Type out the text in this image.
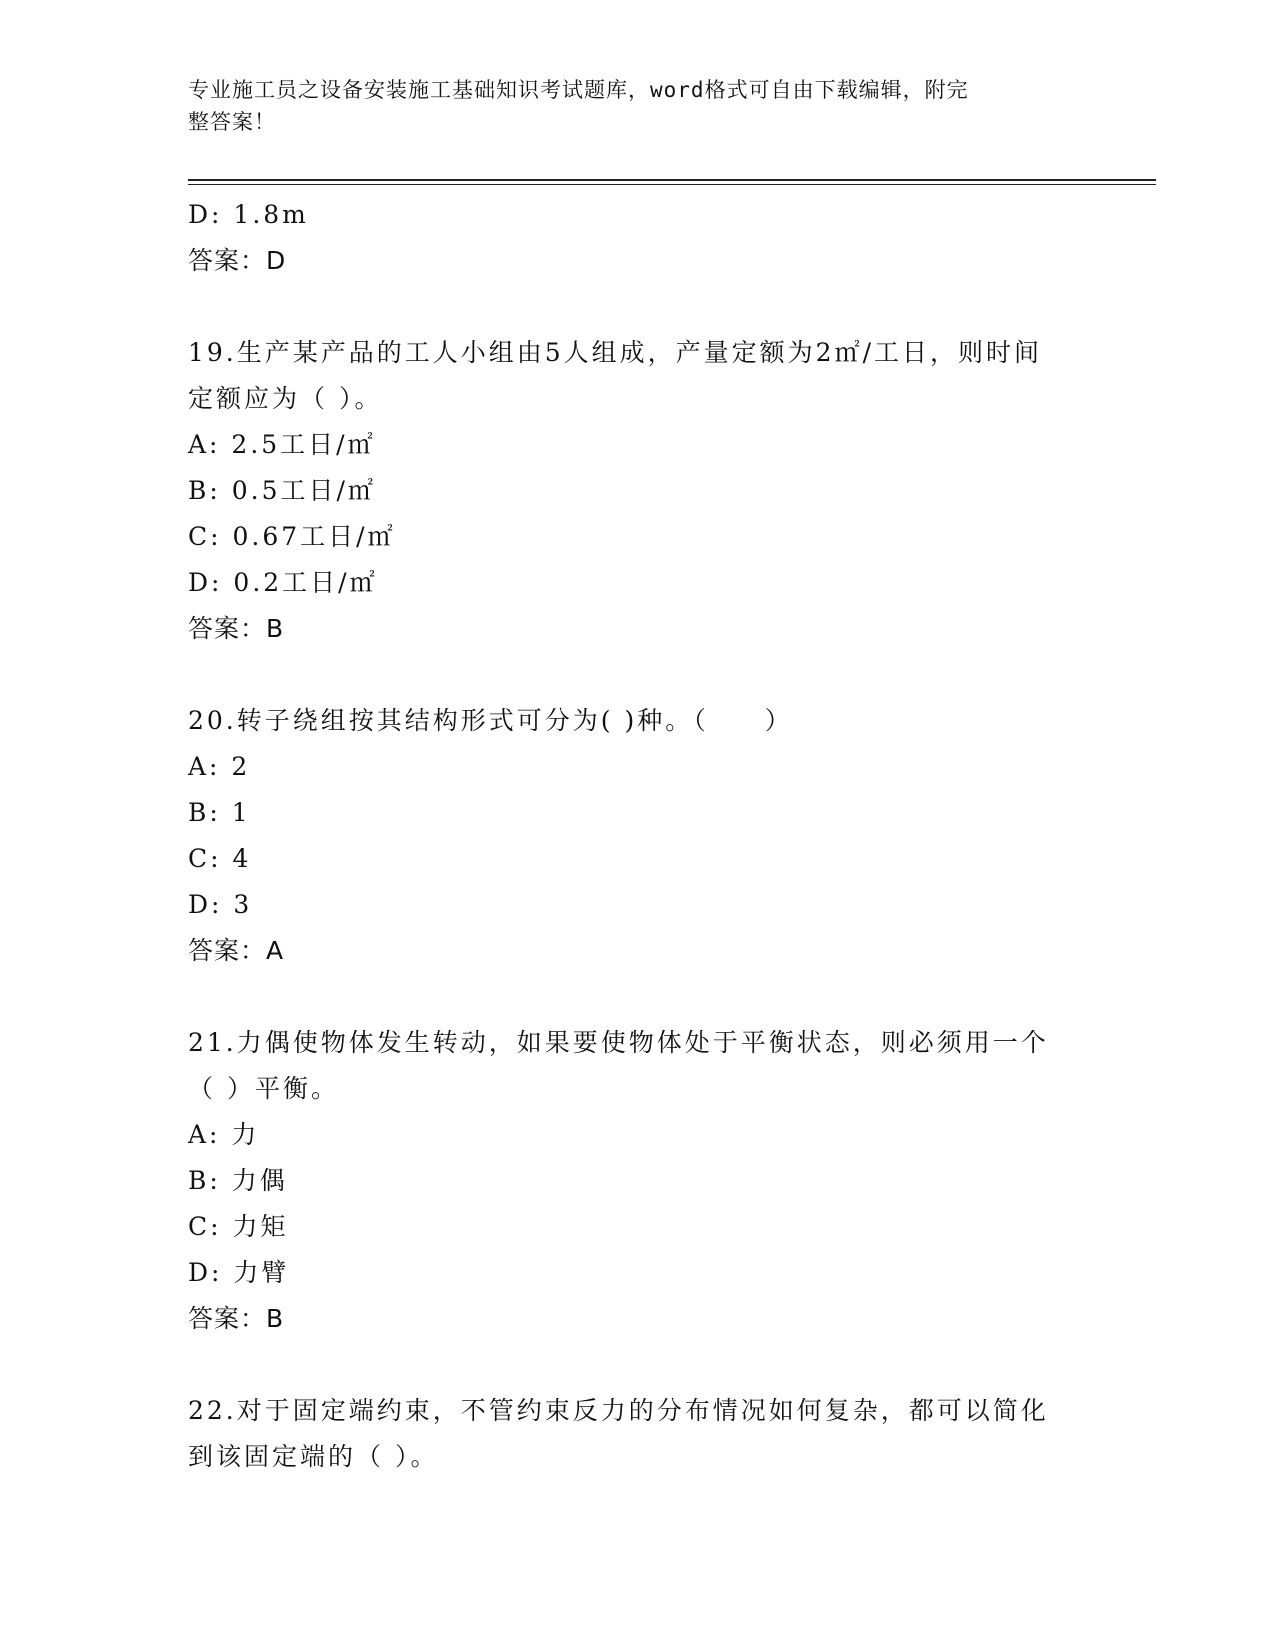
专业施工员之设备安装施工基础知识考试题库，word格式可自由下载编辑，附完
整答案！
D: 1.8m
答案：D
19.生产某产品的工人小组由5人组成，产量定额为2㎡/工日，则时间
定额应为（ ）。
A: 2.5工日/㎡
B: 0.5工日/㎡
C: 0.67工日/㎡
D: 0.2工日/㎡
答案：B
20.转子绕组按其结构形式可分为( )种。（　　）
A: 2
B: 1
C: 4
D: 3
答案：A
21.力偶使物体发生转动，如果要使物体处于平衡状态，则必须用一个
（ ）平衡。
A: 力
B: 力偶
C: 力矩
D: 力臂
答案：B
22.对于固定端约束，不管约束反力的分布情况如何复杂，都可以简化
到该固定端的（ ）。
